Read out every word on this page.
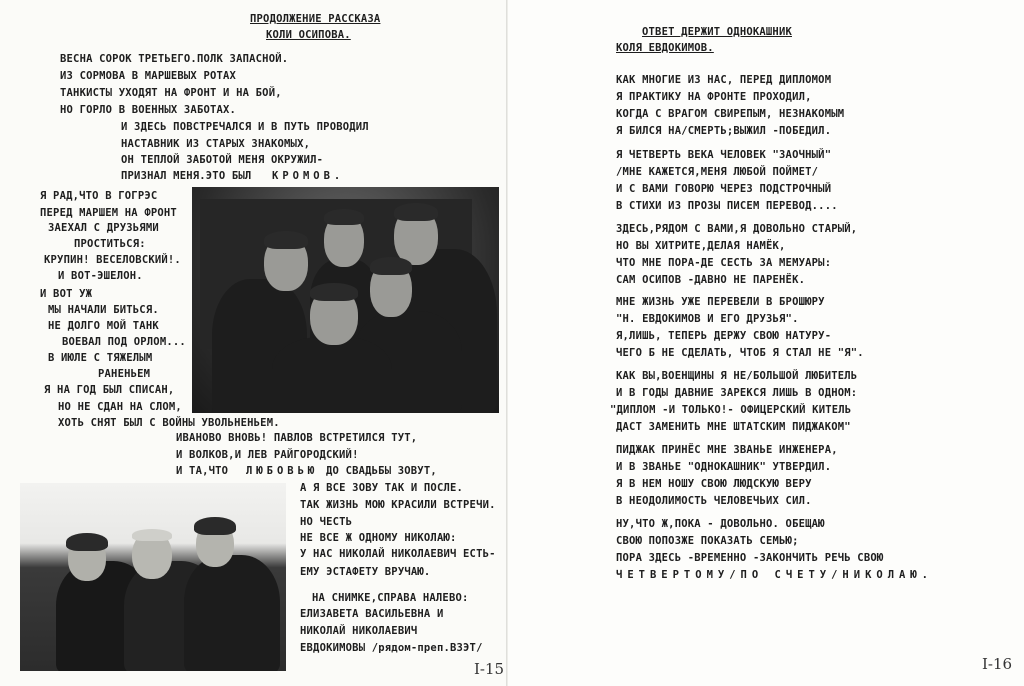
ПРОДОЛЖЕНИЕ РАССКАЗА
КОЛИ ОСИПОВА.
ВЕСНА СОРОК ТРЕТЬЕГО.ПОЛК ЗАПАСНОЙ.
ИЗ СОРМОВА В МАРШЕВЫХ РОТАХ
ТАНКИСТЫ УХОДЯТ НА ФРОНТ И НА БОЙ,
НО ГОРЛО В ВОЕННЫХ ЗАБОТАХ.
И ЗДЕСЬ ПОВСТРЕЧАЛСЯ И В ПУТЬ ПРОВОДИЛ
НАСТАВНИК ИЗ СТАРЫХ ЗНАКОМЫХ,
ОН ТЕПЛОЙ ЗАБОТОЙ МЕНЯ ОКРУЖИЛ-
ПРИЗНАЛ МЕНЯ.ЭТО БЫЛ КРОМОВ.
Я РАД,ЧТО В ГОГРЭС
ПЕРЕД МАРШЕМ НА ФРОНТ
ЗАЕХАЛ С ДРУЗЬЯМИ
ПРОСТИТЬСЯ:
КРУПИН! ВЕСЕЛОВСКИЙ!.
И ВОТ-ЭШЕЛОН.
И ВОТ УЖ
МЫ НАЧАЛИ БИТЬСЯ.
НЕ ДОЛГО МОЙ ТАНК
ВОЕВАЛ ПОД ОРЛОМ...
В ИЮЛЕ С ТЯЖЕЛЫМ
РАНЕНЬЕМ
Я НА ГОД БЫЛ СПИСАН,
НО НЕ СДАН НА СЛОМ,
ХОТЬ СНЯТ БЫЛ С ВОЙНЫ УВОЛЬНЕНЬЕМ.
ИВАНОВО ВНОВЬ! ПАВЛОВ ВСТРЕТИЛСЯ ТУТ,
И ВОЛКОВ,И ЛЕВ РАЙГОРОДСКИЙ!
И ТА,ЧТО ЛЮБОВЬЮ ДО СВАДЬБЫ ЗОВУТ,
А Я ВСЕ ЗОВУ ТАК И ПОСЛЕ.
ТАК ЖИЗНЬ МОЮ КРАСИЛИ ВСТРЕЧИ.
НО ЧЕСТЬ
НЕ ВСЕ Ж ОДНОМУ НИКОЛАЮ:
У НАС НИКОЛАЙ НИКОЛАЕВИЧ ЕСТЬ-
ЕМУ ЭСТАФЕТУ ВРУЧАЮ.
НА СНИМКЕ,СПРАВА НАЛЕВО:
ЕЛИЗАВЕТА ВАСИЛЬЕВНА И
НИКОЛАЙ НИКОЛАЕВИЧ
ЕВДОКИМОВЫ /рядом-преп.ВЗЭТ/
I-15
ОТВЕТ ДЕРЖИТ ОДНОКАШНИК
КОЛЯ ЕВДОКИМОВ.
КАК МНОГИЕ ИЗ НАС, ПЕРЕД ДИПЛОМОМ
Я ПРАКТИКУ НА ФРОНТЕ ПРОХОДИЛ,
КОГДА С ВРАГОМ СВИРЕПЫМ, НЕЗНАКОМЫМ
Я БИЛСЯ НА/СМЕРТЬ;ВЫЖИЛ -ПОБЕДИЛ.
Я ЧЕТВЕРТЬ ВЕКА ЧЕЛОВЕК "ЗАОЧНЫЙ"
/МНЕ КАЖЕТСЯ,МЕНЯ ЛЮБОЙ ПОЙМЕТ/
И С ВАМИ ГОВОРЮ ЧЕРЕЗ ПОДСТРОЧНЫЙ
В СТИХИ ИЗ ПРОЗЫ ПИСЕМ ПЕРЕВОД....
ЗДЕСЬ,РЯДОМ С ВАМИ,Я ДОВОЛЬНО СТАРЫЙ,
НО ВЫ ХИТРИТЕ,ДЕЛАЯ НАМЁК,
ЧТО МНЕ ПОРА-ДЕ СЕСТЬ ЗА МЕМУАРЫ:
САМ ОСИПОВ -ДАВНО НЕ ПАРЕНЁК.
МНЕ ЖИЗНЬ УЖЕ ПЕРЕВЕЛИ В БРОШЮРУ
"Н. ЕВДОКИМОВ И ЕГО ДРУЗЬЯ".
Я,ЛИШЬ, ТЕПЕРЬ ДЕРЖУ СВОЮ НАТУРУ-
ЧЕГО Б НЕ СДЕЛАТЬ, ЧТОБ Я СТАЛ НЕ "Я".
КАК ВЫ,ВОЕНЩИНЫ Я НЕ/БОЛЬШОЙ ЛЮБИТЕЛЬ
И В ГОДЫ ДАВНИЕ ЗАРЕКСЯ ЛИШЬ В ОДНОМ:
"ДИПЛОМ -И ТОЛЬКО!- ОФИЦЕРСКИЙ КИТЕЛЬ
ДАСТ ЗАМЕНИТЬ МНЕ ШТАТСКИМ ПИДЖАКОМ"
ПИДЖАК ПРИНЁС МНЕ ЗВАНЬЕ ИНЖЕНЕРА,
И В ЗВАНЬЕ "ОДНОКАШНИК" УТВЕРДИЛ.
Я В НЕМ НОШУ СВОЮ ЛЮДСКУЮ ВЕРУ
В НЕОДОЛИМОСТЬ ЧЕЛОВЕЧЬИХ СИЛ.
НУ,ЧТО Ж,ПОКА - ДОВОЛЬНО. ОБЕЩАЮ
СВОЮ ПОПОЗЖЕ ПОКАЗАТЬ СЕМЬЮ;
ПОРА ЗДЕСЬ -ВРЕМЕННО -ЗАКОНЧИТЬ РЕЧЬ СВОЮ
ЧЕТВЕРТОМУ/ПО СЧЕТУ/НИКОЛАЮ.
I-16
